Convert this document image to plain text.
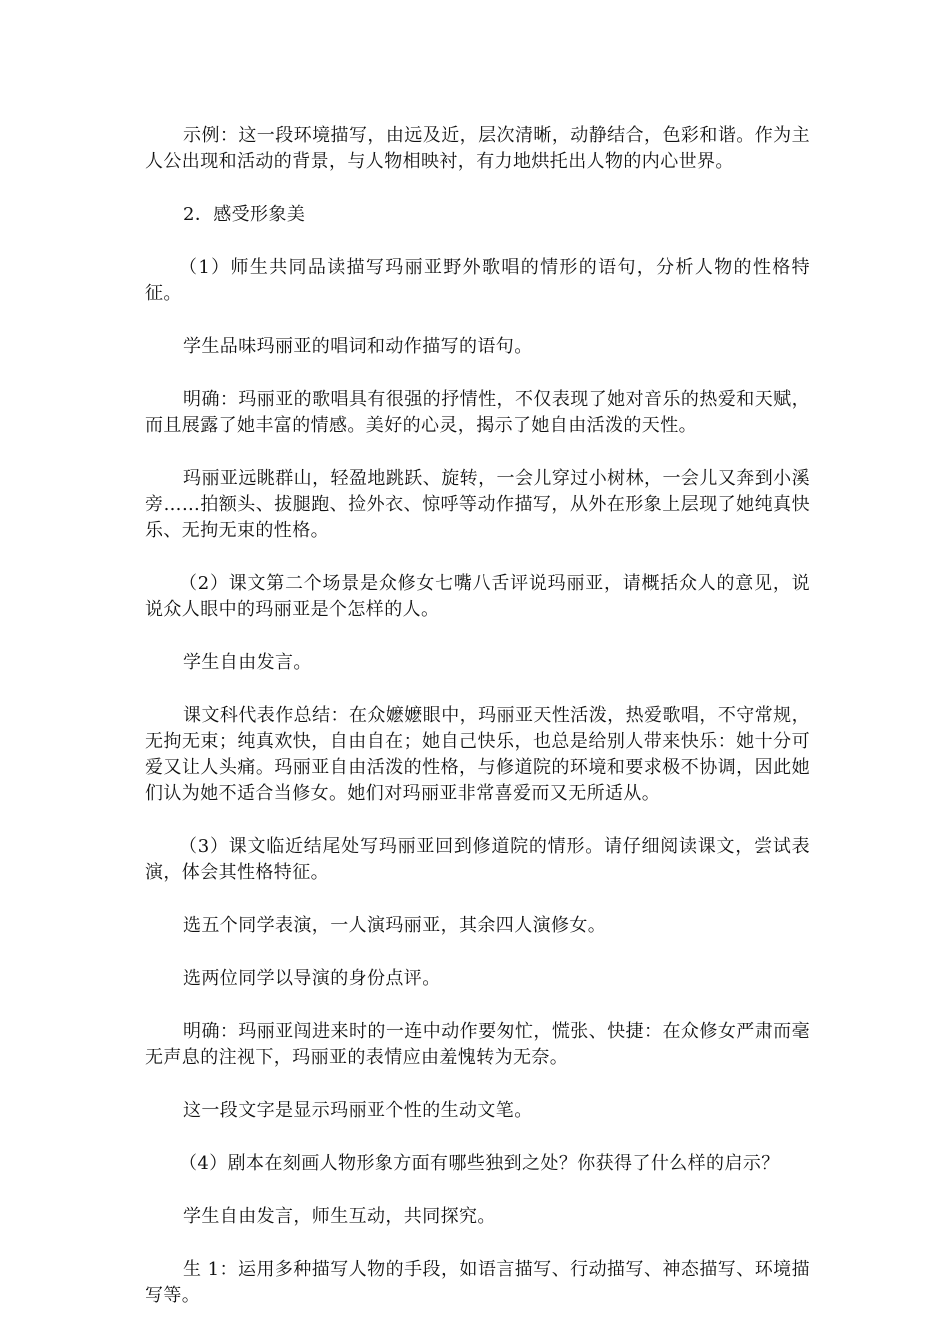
示例：这一段环境描写，由远及近，层次清晰，动静结合，色彩和谐。作为主人公出现和活动的背景，与人物相映衬，有力地烘托出人物的内心世界。

2．感受形象美

（1）师生共同品读描写玛丽亚野外歌唱的情形的语句，分析人物的性格特征。

学生品味玛丽亚的唱词和动作描写的语句。

明确：玛丽亚的歌唱具有很强的抒情性，不仅表现了她对音乐的热爱和天赋，而且展露了她丰富的情感。美好的心灵，揭示了她自由活泼的天性。

玛丽亚远眺群山，轻盈地跳跃、旋转，一会儿穿过小树林，一会儿又奔到小溪旁……拍额头、拔腿跑、捡外衣、惊呼等动作描写，从外在形象上层现了她纯真快乐、无拘无束的性格。

（2）课文第二个场景是众修女七嘴八舌评说玛丽亚，请概括众人的意见，说说众人眼中的玛丽亚是个怎样的人。

学生自由发言。

课文科代表作总结：在众嬷嬷眼中，玛丽亚天性活泼，热爱歌唱，不守常规，无拘无束；纯真欢快，自由自在；她自己快乐，也总是给别人带来快乐：她十分可爱又让人头痛。玛丽亚自由活泼的性格，与修道院的环境和要求极不协调，因此她们认为她不适合当修女。她们对玛丽亚非常喜爱而又无所适从。

（3）课文临近结尾处写玛丽亚回到修道院的情形。请仔细阅读课文，尝试表演，体会其性格特征。

选五个同学表演，一人演玛丽亚，其余四人演修女。

选两位同学以导演的身份点评。

明确：玛丽亚闯进来时的一连中动作要匆忙，慌张、快捷：在众修女严肃而毫无声息的注视下，玛丽亚的表情应由羞愧转为无奈。

这一段文字是显示玛丽亚个性的生动文笔。

（4）剧本在刻画人物形象方面有哪些独到之处？你获得了什么样的启示？

学生自由发言，师生互动，共同探究。

生 1：运用多种描写人物的手段，如语言描写、行动描写、神态描写、环境描写等。
